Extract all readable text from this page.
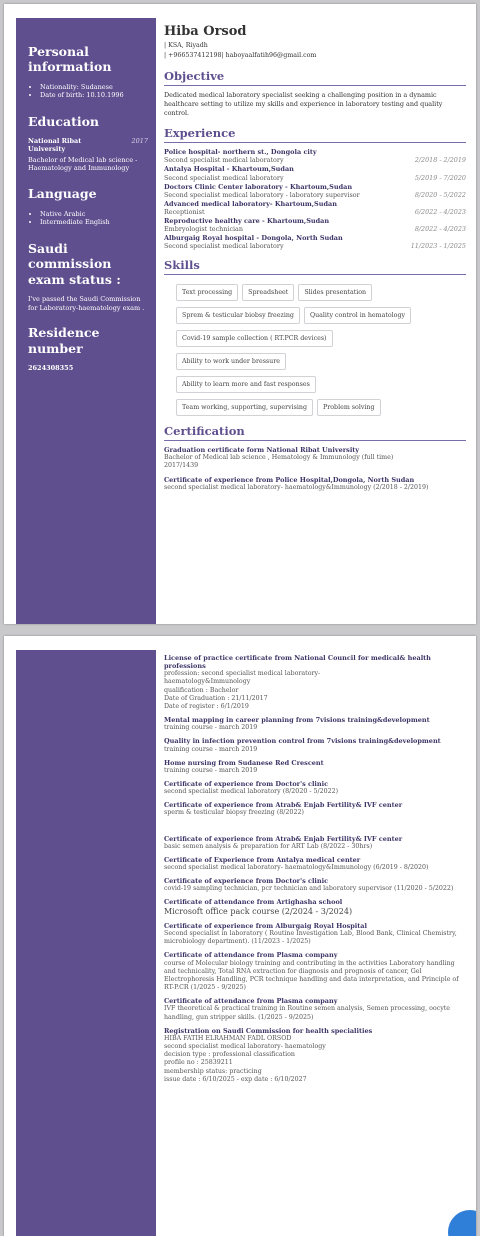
Personal information
• Nationality: Sudanese
• Date of birth: 10.10.1996
Education
National Ribat University
2017
Bachelor of Medical lab science - Haematology and Immunology
Language
• Native Arabic
• Intermediate English
Saudi commission exam status :
I've passed the Saudi Commission for Laboratory-haematology exam .
Residence number
2624308355
Hiba Orsod
| KSA, Riyadh
| +966537412198| haboyaalfatih96@gmail.com
Objective
Dedicated medical laboratory specialist seeking a challenging position in a dynamic healthcare setting to utilize my skills and experience in laboratory testing and quality control.
Experience
Police hospital- northern st., Dongola city
Second specialist medical laboratory	2/2018 - 2/2019
Antalya Hospital - Khartoum,Sudan
Second specialist medical laboratory	5/2019 - 7/2020
Doctors Clinic Center laboratory - Khartoum,Sudan
Second specialist medical laboratory - laboratory supervisor	8/2020 - 5/2022
Advanced medical laboratory- Khartoum,Sudan
Receptionist	6/2022 - 4/2023
Reproductive healthy care - Khartoum,Sudan
Embryologist technician	8/2022 - 4/2023
Alburgaig Royal hospital - Dongola, North Sudan
Second specialist medical laboratory	11/2023 - 1/2025
Skills
Text processing	Spreadsheet	Slides presentation
Sprem & testicular biobsy freezing	Quality control in hematology
Covid-19 sample collection ( RT.PCR devices)
Ability to work under bressure
Ability to learn more and fast responses
Team working, supporting, supervising	Problem solving
Certification
Graduation certificate form National Ribat University
Bachelor of Medical lab science , Hematology & Immunology (full time)
2017/1439
Certificate of experience from Police Hospital,Dongola, North Sudan
second specialist medical laboratory- haematology&Immunology (2/2018 - 2/2019)
License of practice certificate from National Council for medical& health professions
profession: second specialist medical laboratory-
haematology&Immunology
qualification : Bachelor
Date of Graduation : 21/11/2017
Date of register : 6/1/2019
Mental mapping in career planning from 7visions training&development
training course - march 2019
Quality in infection prevention control from 7visions training&development
training course - march 2019
Home nursing from Sudanese Red Crescent
training course - march 2019
Certificate of experience from Doctor's clinic
second specialist medical laboratory (8/2020 - 5/2022)
Certificate of experience from Atrab& Enjab Fertility& IVF center
sperm & testicular biopsy freezing (8/2022)
Certificate of experience from Atrab& Enjab Fertility& IVF center
basic semen analysis & preparation for ART Lab (8/2022 - 30hrs)
Certificate of Experience from Antalya medical center
second specialist medical laboratory- haematology&Immunology (6/2019 - 8/2020)
Certificate of experience from Doctor's clinic
covid-19 sampling technician, pcr technician and laboratory supervisor (11/2020 - 5/2022)
Certificate of attendance from Artighasha school
Microsoft office pack course (2/2024 - 3/2024)
Certificate of experience from Alburgaig Royal Hospital
Second specialist in laboratory ( Routine Investigation Lab, Blood Bank, Clinical Chemistry, microbiology department). (11/2023 - 1/2025)
Certificate of attendance from Plasma company
course of Molecular biology training and contributing in the activities Laboratory handling and technicality, Total RNA extraction for diagnosis and prognosis of cancer, Gel Electrophoresis Handling, PCR technique handling and data interpretation, and Principle of RT-P.CR (1/2025 - 9/2025)
Certificate of attendance from Plasma company
IVF theoretical & practical training in Routine semen analysis, Semen processing, oocyte handling, gun stripper skills. (1/2025 - 9/2025)
Registration on Saudi Commission for health specialities
HIBA FATIH ELRAHMAN FADL ORSOD
second specialist medical laboratory- haematology
decision type : professional classification
profile no : 25839211
membership status: practicing
issue date : 6/10/2025 - exp date : 6/10/2027
